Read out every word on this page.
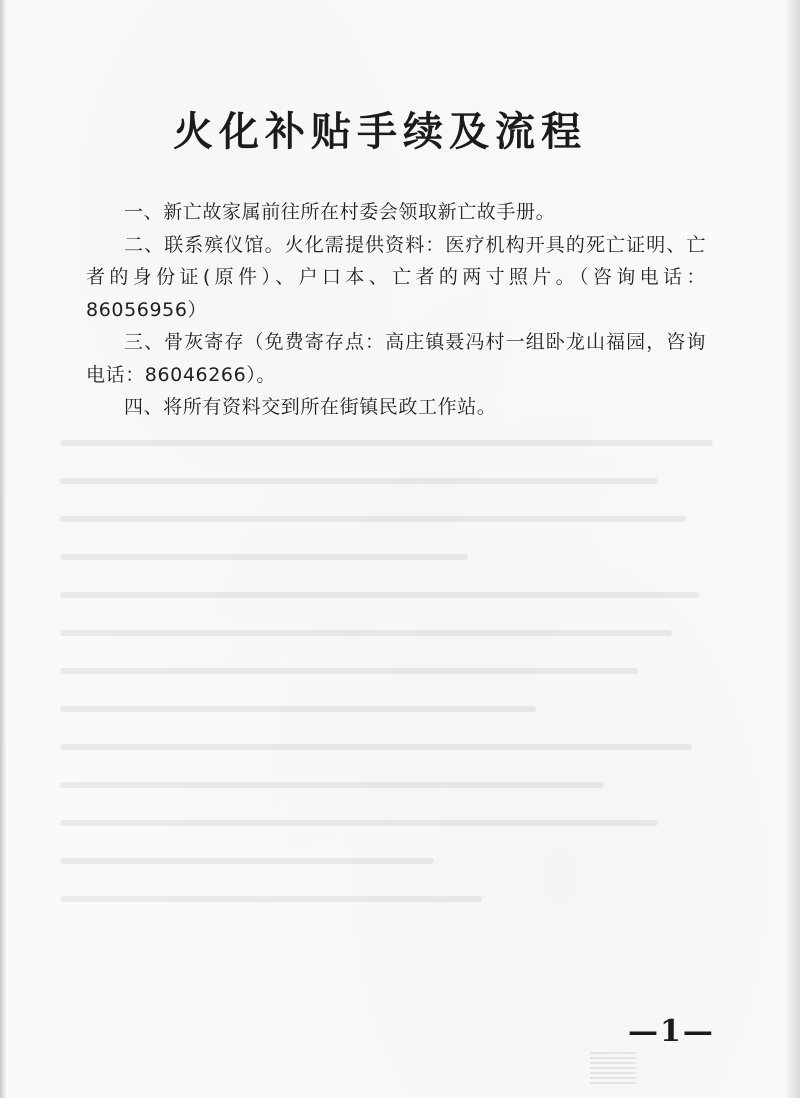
火化补贴手续及流程

一、新亡故家属前往所在村委会领取新亡故手册。

二、联系殡仪馆。火化需提供资料：医疗机构开具的死亡证明、亡者的身份证(原件）、户口本、亡者的两寸照片。（咨询电话：86056956）

三、骨灰寄存（免费寄存点：高庄镇聂冯村一组卧龙山福园，咨询电话：86046266）。

四、将所有资料交到所在街镇民政工作站。

—1—
